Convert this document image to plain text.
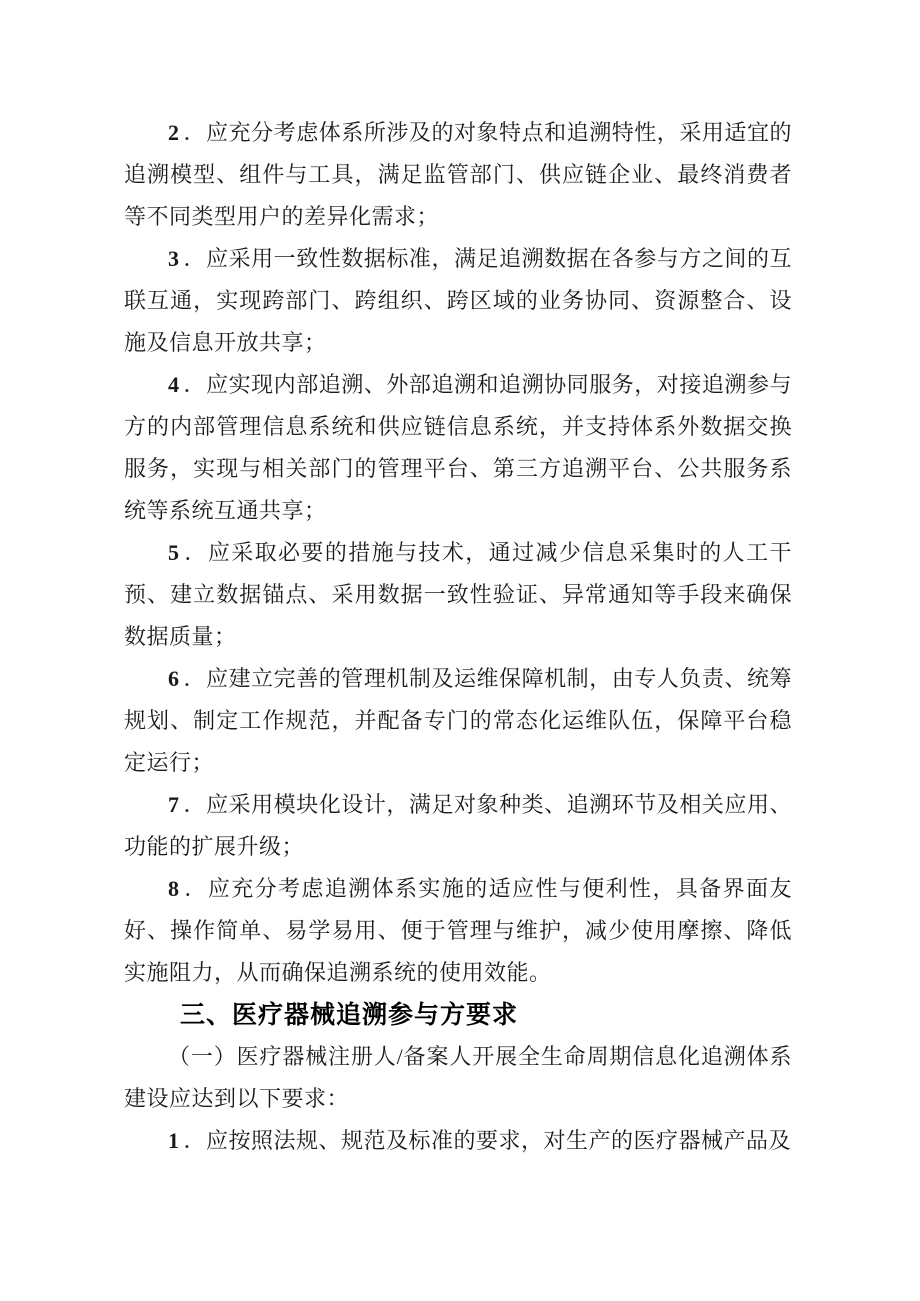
2 ．应充分考虑体系所涉及的对象特点和追溯特性，采用适宜的追溯模型、组件与工具，满足监管部门、供应链企业、最终消费者等不同类型用户的差异化需求；

3 ．应采用一致性数据标准，满足追溯数据在各参与方之间的互联互通，实现跨部门、跨组织、跨区域的业务协同、资源整合、设施及信息开放共享；

4 ．应实现内部追溯、外部追溯和追溯协同服务，对接追溯参与方的内部管理信息系统和供应链信息系统，并支持体系外数据交换服务，实现与相关部门的管理平台、第三方追溯平台、公共服务系统等系统互通共享；

5 ．应采取必要的措施与技术，通过减少信息采集时的人工干预、建立数据锚点、采用数据一致性验证、异常通知等手段来确保数据质量；

6 ．应建立完善的管理机制及运维保障机制，由专人负责、统筹规划、制定工作规范，并配备专门的常态化运维队伍，保障平台稳定运行；

7 ．应采用模块化设计，满足对象种类、追溯环节及相关应用、功能的扩展升级；

8 ．应充分考虑追溯体系实施的适应性与便利性，具备界面友好、操作简单、易学易用、便于管理与维护，减少使用摩擦、降低实施阻力，从而确保追溯系统的使用效能。

三、医疗器械追溯参与方要求

（一）医疗器械注册人/备案人开展全生命周期信息化追溯体系建设应达到以下要求：

1 ．应按照法规、规范及标准的要求，对生产的医疗器械产品及
